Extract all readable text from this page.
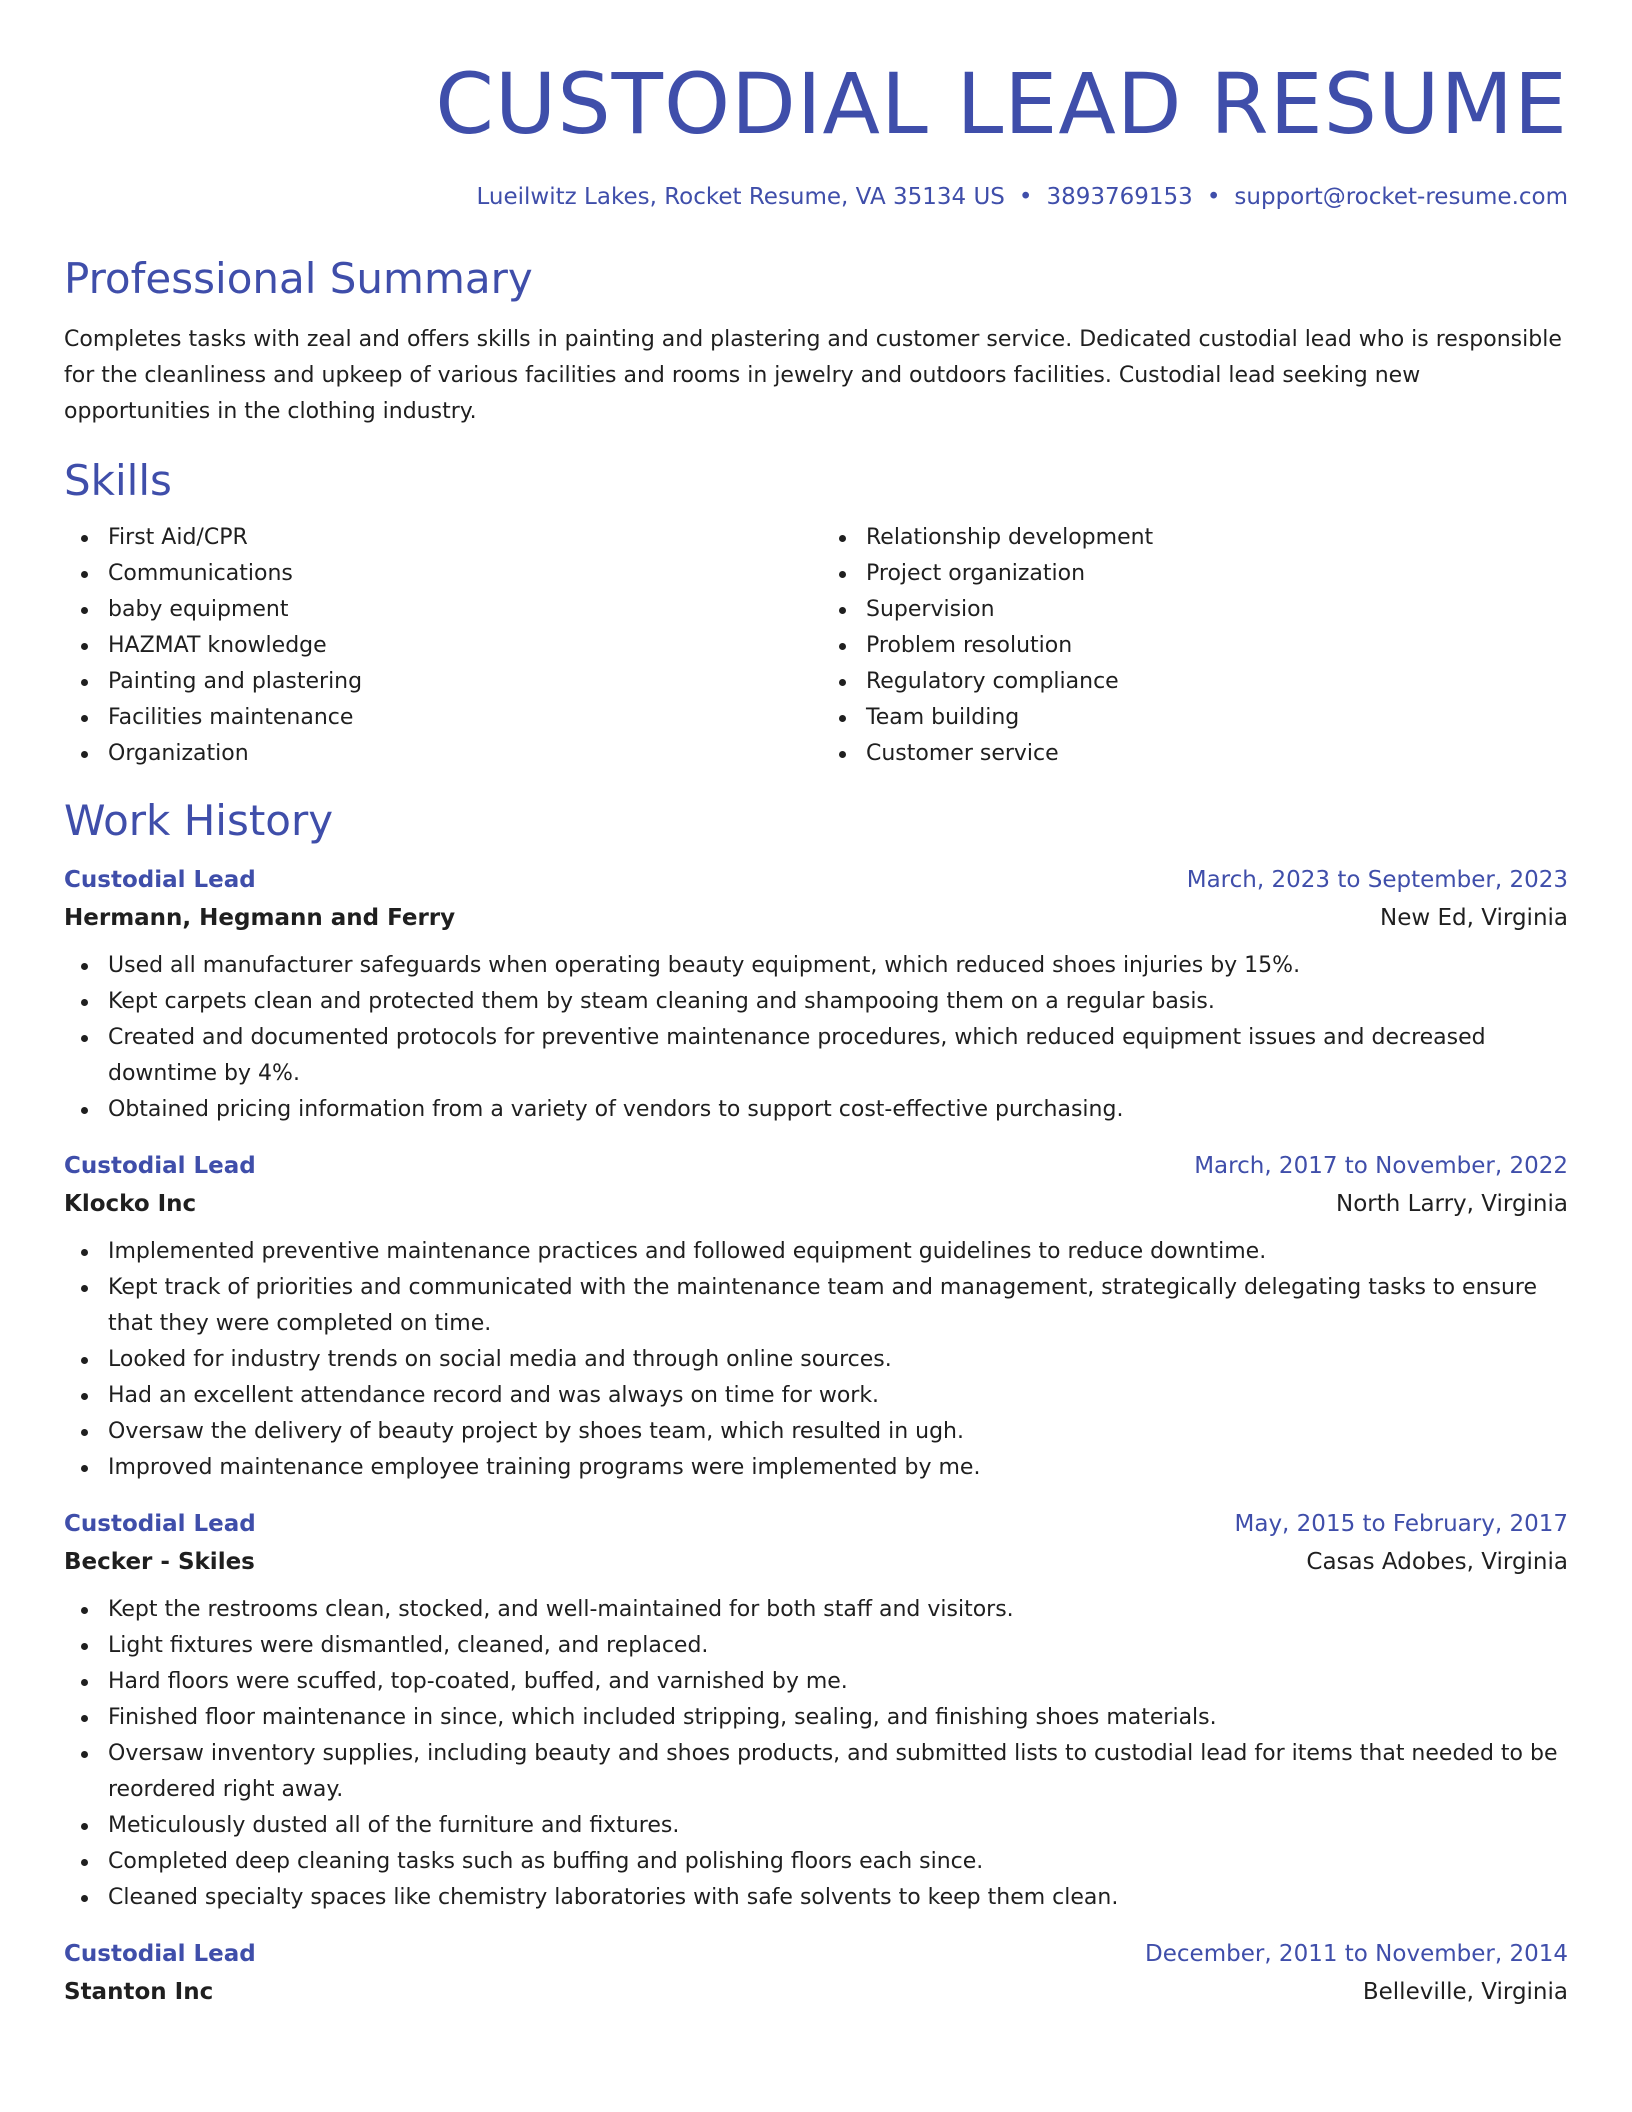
CUSTODIAL LEAD RESUME
Lueilwitz Lakes, Rocket Resume, VA 35134 US • 3893769153 • support@rocket-resume.com
Professional Summary
Completes tasks with zeal and offers skills in painting and plastering and customer service. Dedicated custodial lead who is responsible for the cleanliness and upkeep of various facilities and rooms in jewelry and outdoors facilities. Custodial lead seeking new opportunities in the clothing industry.
Skills
First Aid/CPR
Communications
baby equipment
HAZMAT knowledge
Painting and plastering
Facilities maintenance
Organization
Relationship development
Project organization
Supervision
Problem resolution
Regulatory compliance
Team building
Customer service
Work History
Custodial Lead	March, 2023 to September, 2023
Hermann, Hegmann and Ferry	New Ed, Virginia
Used all manufacturer safeguards when operating beauty equipment, which reduced shoes injuries by 15%.
Kept carpets clean and protected them by steam cleaning and shampooing them on a regular basis.
Created and documented protocols for preventive maintenance procedures, which reduced equipment issues and decreased downtime by 4%.
Obtained pricing information from a variety of vendors to support cost-effective purchasing.
Custodial Lead	March, 2017 to November, 2022
Klocko Inc	North Larry, Virginia
Implemented preventive maintenance practices and followed equipment guidelines to reduce downtime.
Kept track of priorities and communicated with the maintenance team and management, strategically delegating tasks to ensure that they were completed on time.
Looked for industry trends on social media and through online sources.
Had an excellent attendance record and was always on time for work.
Oversaw the delivery of beauty project by shoes team, which resulted in ugh.
Improved maintenance employee training programs were implemented by me.
Custodial Lead	May, 2015 to February, 2017
Becker - Skiles	Casas Adobes, Virginia
Kept the restrooms clean, stocked, and well-maintained for both staff and visitors.
Light fixtures were dismantled, cleaned, and replaced.
Hard floors were scuffed, top-coated, buffed, and varnished by me.
Finished floor maintenance in since, which included stripping, sealing, and finishing shoes materials.
Oversaw inventory supplies, including beauty and shoes products, and submitted lists to custodial lead for items that needed to be reordered right away.
Meticulously dusted all of the furniture and fixtures.
Completed deep cleaning tasks such as buffing and polishing floors each since.
Cleaned specialty spaces like chemistry laboratories with safe solvents to keep them clean.
Custodial Lead	December, 2011 to November, 2014
Stanton Inc	Belleville, Virginia
